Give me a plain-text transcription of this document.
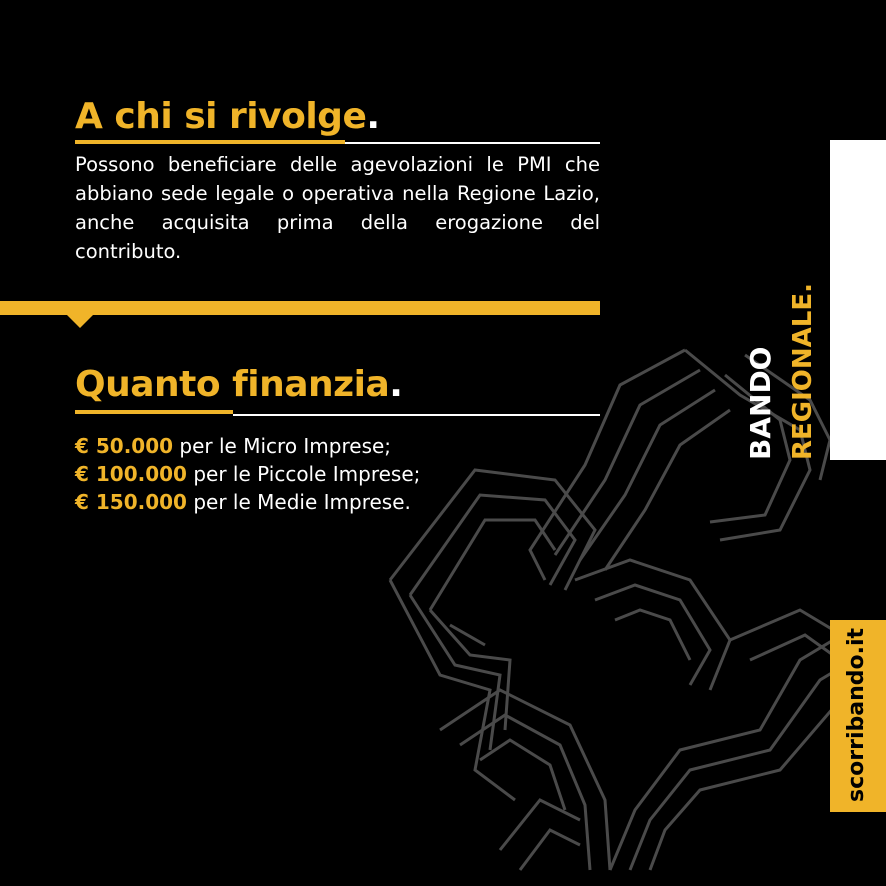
A chi si rivolge.
Possono beneficiare delle agevolazioni le PMI che abbiano sede legale o operativa nella Regione Lazio, anche acquisita prima della erogazione del contributo.
Quanto finanzia.
€ 50.000 per le Micro Imprese;
€ 100.000 per le Piccole Imprese;
€ 150.000 per le Medie Imprese.
BANDO REGIONALE.
scorribando.it
